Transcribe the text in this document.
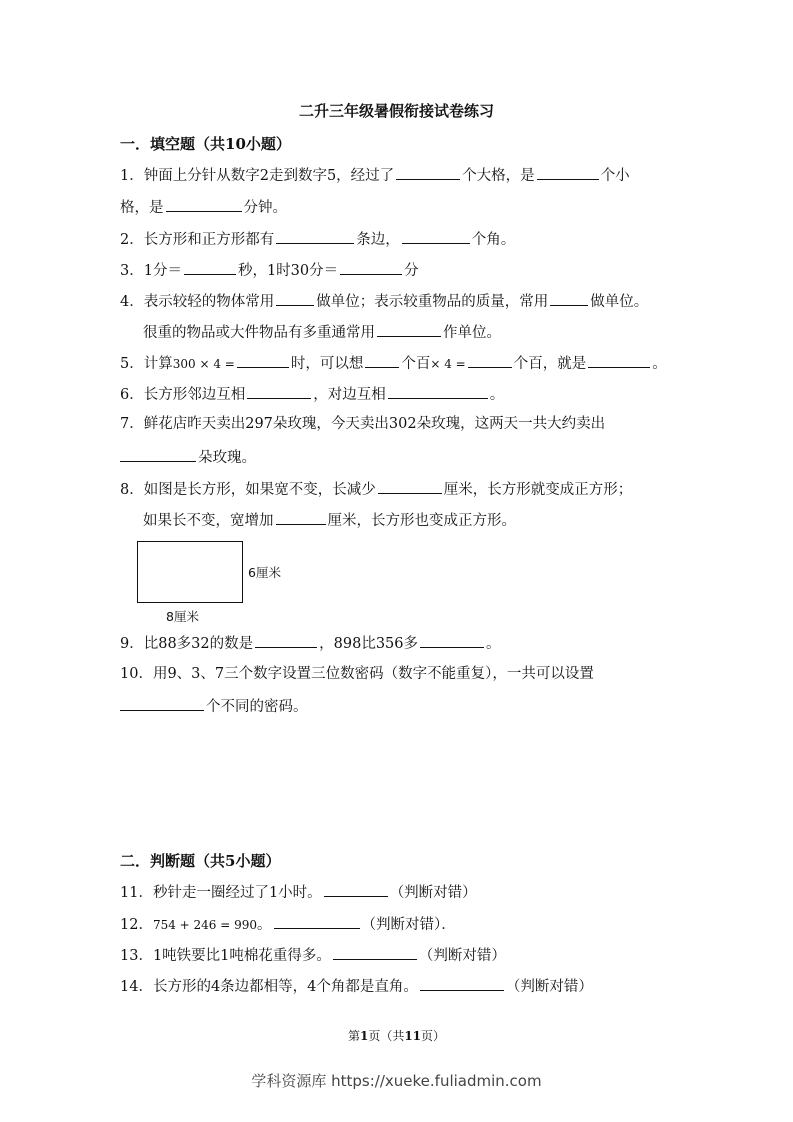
二升三年级暑假衔接试卷练习
一．填空题（共10小题）
1．钟面上分针从数字2走到数字5，经过了	个大格，是	个小
格，是	分钟。
2．长方形和正方形都有	条边，	个角。
3．1分＝	秒，1时30分＝	分
4．表示较轻的物体常用	做单位；表示较重物品的质量，常用	做单位。
很重的物品或大件物品有多重通常用	作单位。
5．计算300 × 4 =	时，可以想	个百× 4 =	个百，就是	。
6．长方形邻边互相	，对边互相	。
7．鲜花店昨天卖出297朵玫瑰，今天卖出302朵玫瑰，这两天一共大约卖出
朵玫瑰。
8．如图是长方形，如果宽不变，长减少	厘米，长方形就变成正方形；
如果长不变，宽增加	厘米，长方形也变成正方形。
6厘米
8厘米
9．比88多32的数是	，898比356多	。
10．用9、3、7三个数字设置三位数密码（数字不能重复），一共可以设置
个不同的密码。
二．判断题（共5小题）
11．秒针走一圈经过了1小时。	（判断对错）
12．754 + 246 = 990。	（判断对错）．
13．1吨铁要比1吨棉花重得多。	（判断对错）
14．长方形的4条边都相等，4个角都是直角。	（判断对错）
第1页（共11页）
学科资源库 https://xueke.fuliadmin.com
